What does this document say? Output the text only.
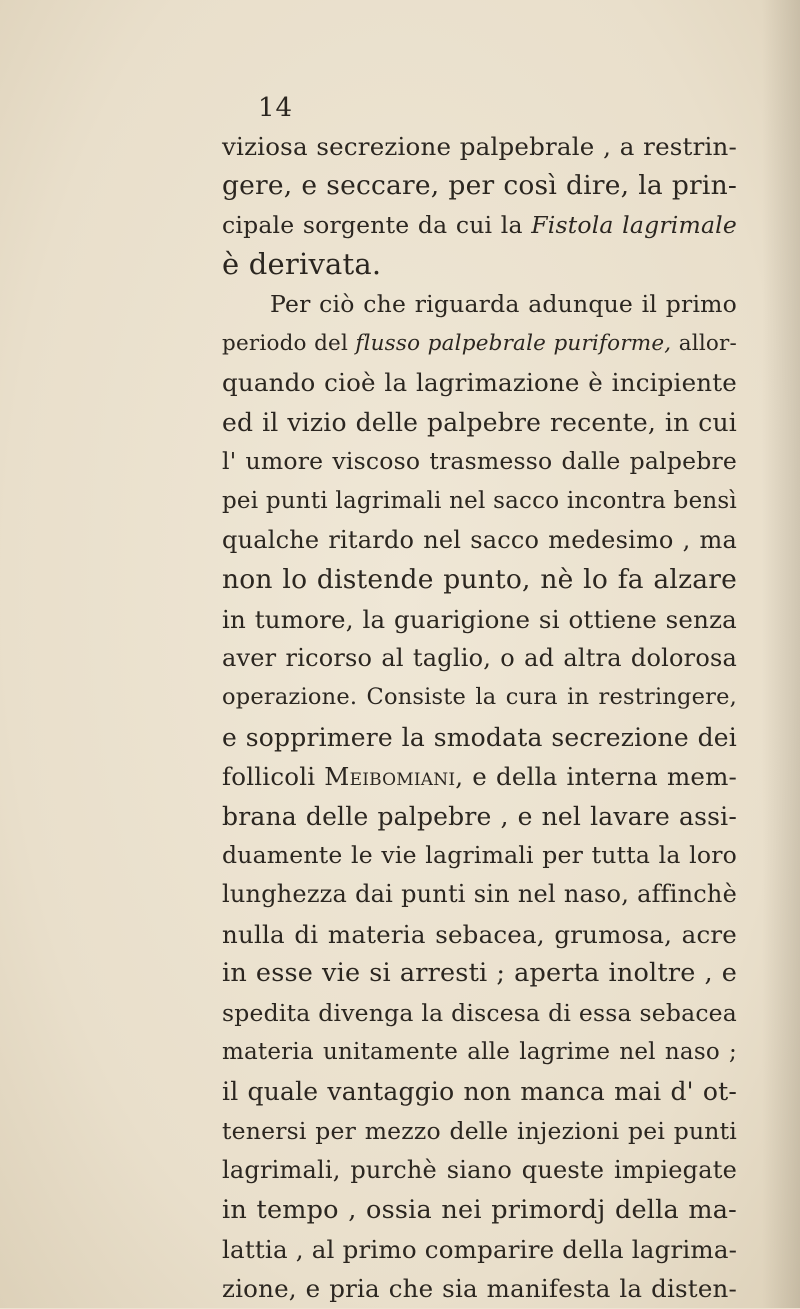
14
viziosa secrezione palpebrale , a restrin-
gere, e seccare, per così dire, la prin-
cipale sorgente da cui la Fistola lagrimale
è derivata.
Per ciò che riguarda adunque il primo
periodo del flusso palpebrale puriforme, allor-
quando cioè la lagrimazione è incipiente
ed il vizio delle palpebre recente, in cui
l' umore viscoso trasmesso dalle palpebre
pei punti lagrimali nel sacco incontra bensì
qualche ritardo nel sacco medesimo , ma
non lo distende punto, nè lo fa alzare
in tumore, la guarigione si ottiene senza
aver ricorso al taglio, o ad altra dolorosa
operazione. Consiste la cura in restringere,
e sopprimere la smodata secrezione dei
follicoli Meibomiani, e della interna mem-
brana delle palpebre , e nel lavare assi-
duamente le vie lagrimali per tutta la loro
lunghezza dai punti sin nel naso, affinchè
nulla di materia sebacea, grumosa, acre
in esse vie si arresti ; aperta inoltre , e
spedita divenga la discesa di essa sebacea
materia unitamente alle lagrime nel naso ;
il quale vantaggio non manca mai d' ot-
tenersi per mezzo delle injezioni pei punti
lagrimali, purchè siano queste impiegate
in tempo , ossia nei primordj della ma-
lattia , al primo comparire della lagrima-
zione, e pria che sia manifesta la disten-
